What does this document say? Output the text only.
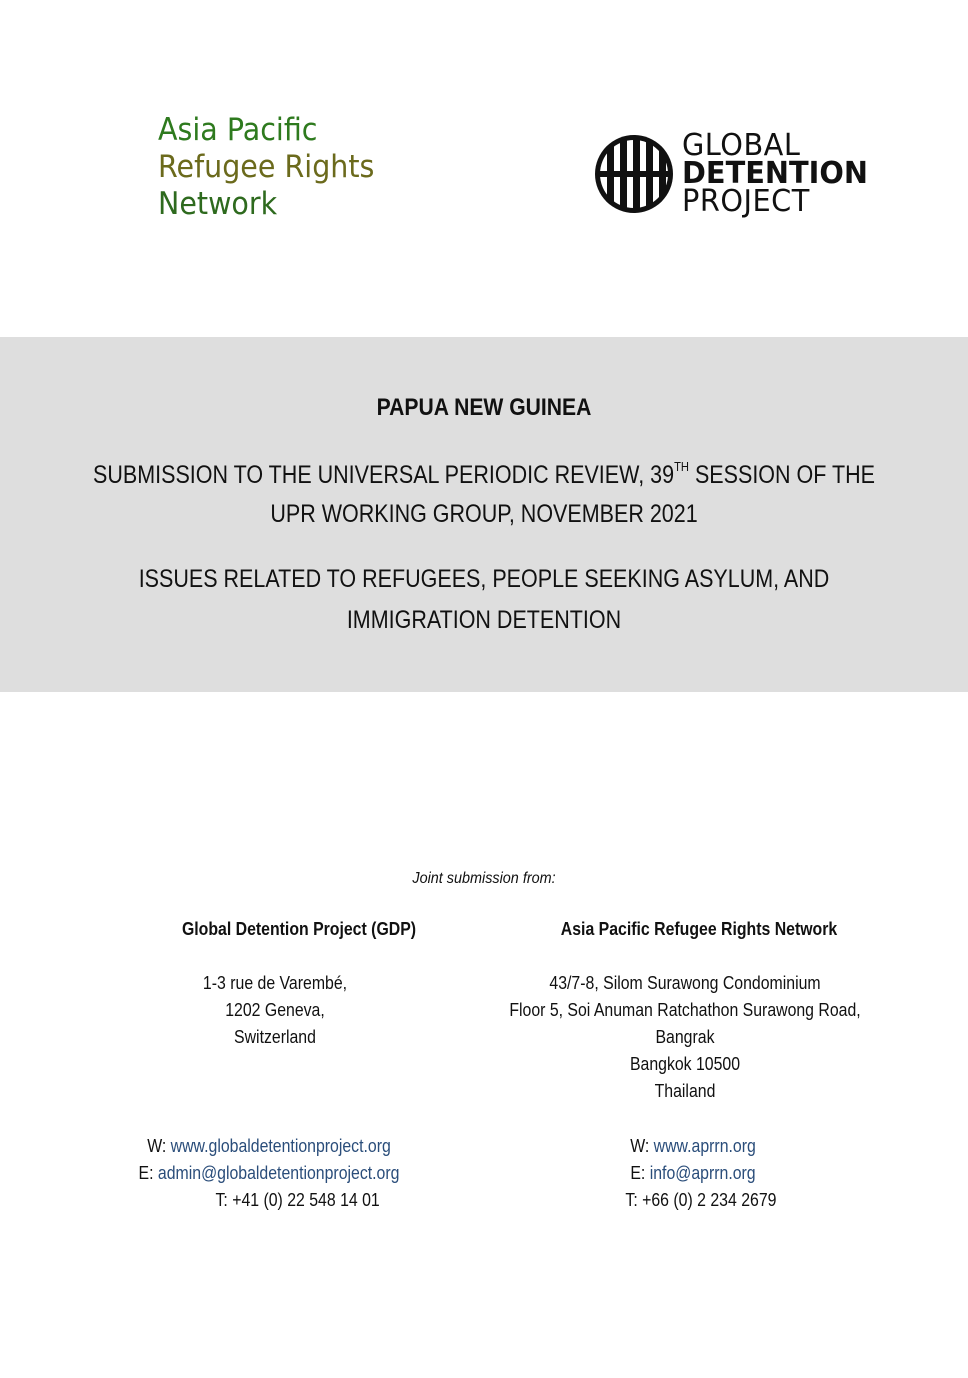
Asia Pacific
Refugee Rights
Network
GLOBAL
DETENTION
PROJECT
PAPUA NEW GUINEA
SUBMISSION TO THE UNIVERSAL PERIODIC REVIEW, 39TH SESSION OF THE
UPR WORKING GROUP, NOVEMBER 2021
ISSUES RELATED TO REFUGEES, PEOPLE SEEKING ASYLUM, AND
IMMIGRATION DETENTION
Joint submission from:
Global Detention Project (GDP)
1-3 rue de Varembé,
1202 Geneva,
Switzerland
W: www.globaldetentionproject.org
E: admin@globaldetentionproject.org
T: +41 (0) 22 548 14 01
Asia Pacific Refugee Rights Network
43/7-8, Silom Surawong Condominium
Floor 5, Soi Anuman Ratchathon Surawong Road,
Bangrak
Bangkok 10500
Thailand
W: www.aprrn.org
E: info@aprrn.org
T: +66 (0) 2 234 2679
